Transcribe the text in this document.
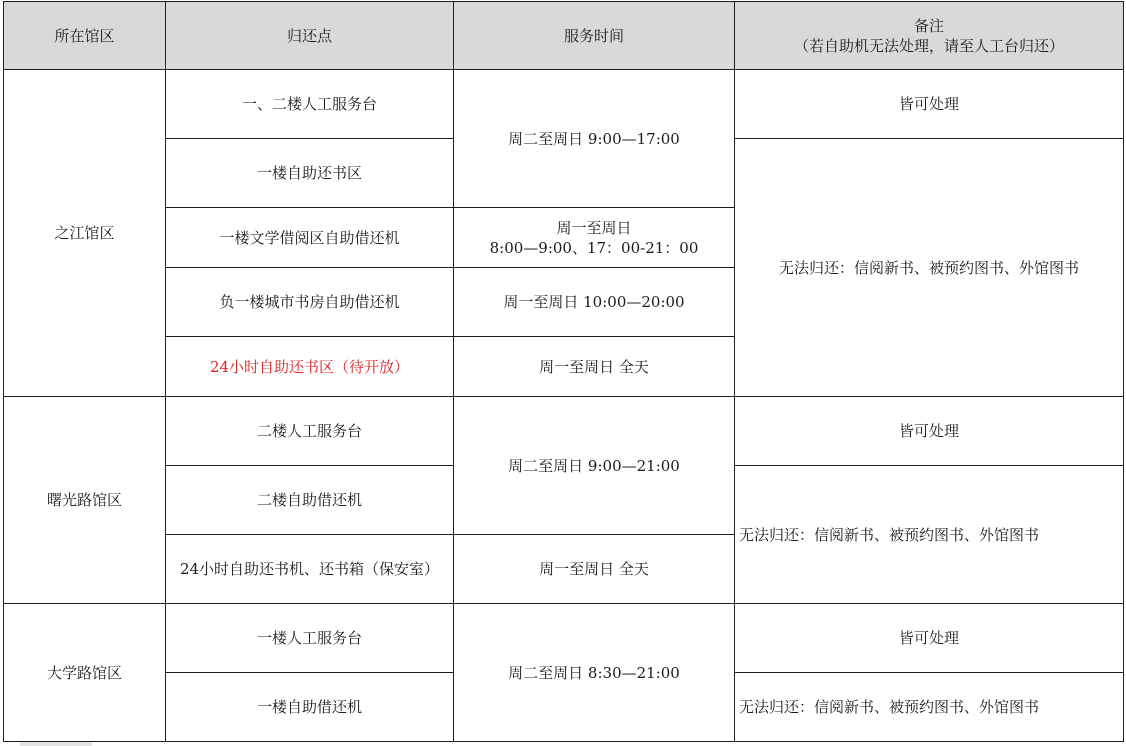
所在馆区	归还点	服务时间	备注
（若自助机无法处理，请至人工台归还）

之江馆区	一、二楼人工服务台	周二至周日 9:00—17:00	皆可处理
	一楼自助还书区		无法归还：信阅新书、被预约图书、外馆图书
	一楼文学借阅区自助借还机	周一至周日
8:00—9:00、17：00-21：00	

	负一楼城市书房自助借还机	周一至周日 10:00—20:00	
	24小时自助还书区（待开放）	周一至周日 全天	
曙光路馆区	二楼人工服务台	周二至周日 9:00—21:00	皆可处理
	二楼自助借还机		无法归还：信阅新书、被预约图书、外馆图书
	24小时自助还书机、还书箱（保安室）	周一至周日 全天	
大学路馆区	一楼人工服务台	周二至周日 8:30—21:00	皆可处理
	一楼自助借还机		无法归还：信阅新书、被预约图书、外馆图书
